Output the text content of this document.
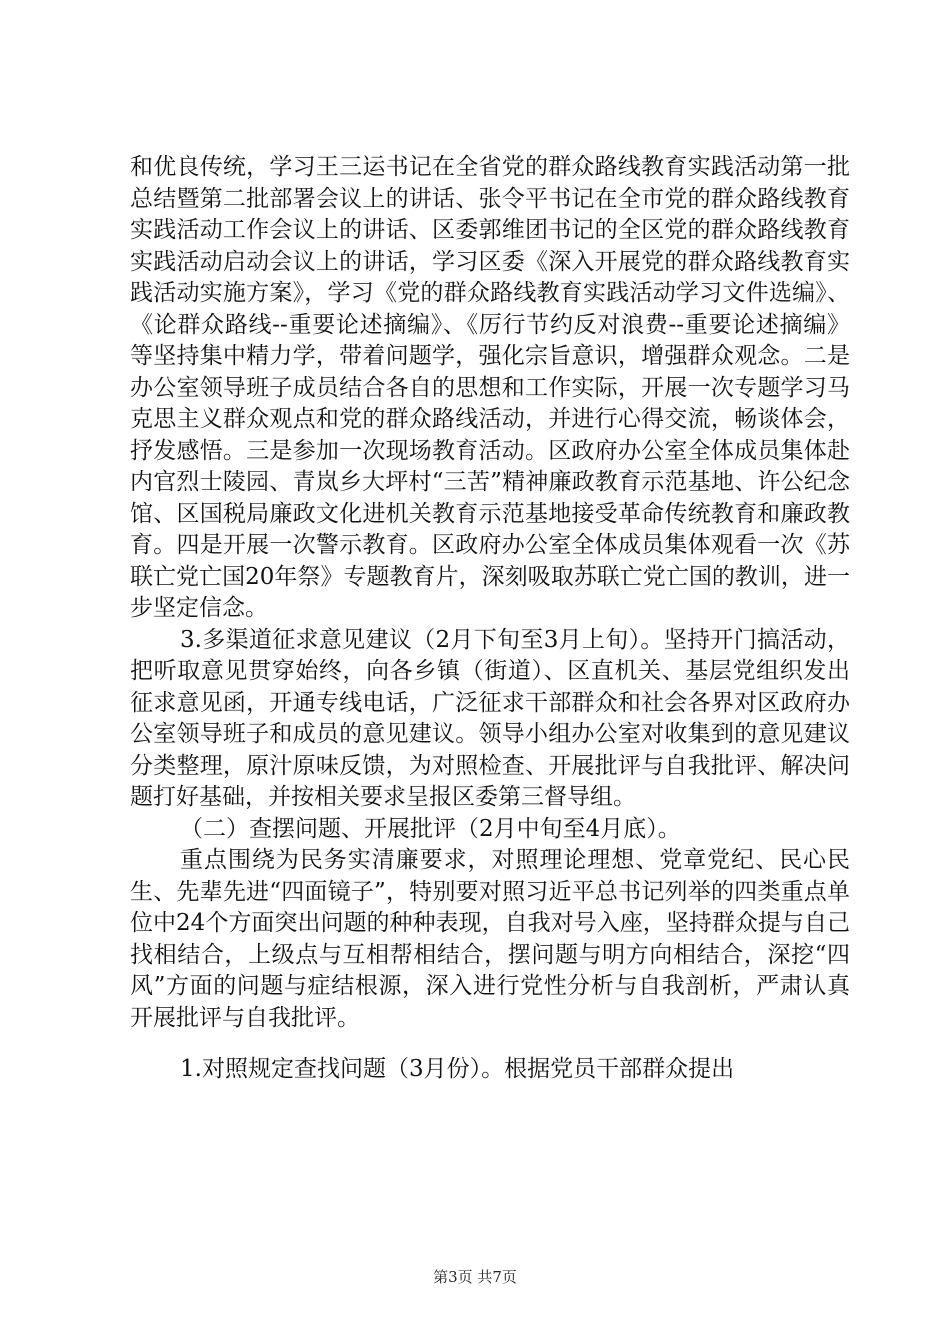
和优良传统，学习王三运书记在全省党的群众路线教育实践活动第一批总结暨第二批部署会议上的讲话、张令平书记在全市党的群众路线教育实践活动工作会议上的讲话、区委郭维团书记的全区党的群众路线教育实践活动启动会议上的讲话，学习区委《深入开展党的群众路线教育实践活动实施方案》，学习《党的群众路线教育实践活动学习文件选编》、《论群众路线--重要论述摘编》、《厉行节约反对浪费--重要论述摘编》等坚持集中精力学，带着问题学，强化宗旨意识，增强群众观念。二是办公室领导班子成员结合各自的思想和工作实际，开展一次专题学习马克思主义群众观点和党的群众路线活动，并进行心得交流，畅谈体会，抒发感悟。三是参加一次现场教育活动。区政府办公室全体成员集体赴内官烈士陵园、青岚乡大坪村“三苦”精神廉政教育示范基地、许公纪念馆、区国税局廉政文化进机关教育示范基地接受革命传统教育和廉政教育。四是开展一次警示教育。区政府办公室全体成员集体观看一次《苏联亡党亡国20年祭》专题教育片，深刻吸取苏联亡党亡国的教训，进一步坚定信念。

3.多渠道征求意见建议（2月下旬至3月上旬）。坚持开门搞活动，把听取意见贯穿始终，向各乡镇（街道）、区直机关、基层党组织发出征求意见函，开通专线电话，广泛征求干部群众和社会各界对区政府办公室领导班子和成员的意见建议。领导小组办公室对收集到的意见建议分类整理，原汁原味反馈，为对照检查、开展批评与自我批评、解决问题打好基础，并按相关要求呈报区委第三督导组。

（二）查摆问题、开展批评（2月中旬至4月底）。

重点围绕为民务实清廉要求，对照理论理想、党章党纪、民心民生、先辈先进“四面镜子”，特别要对照习近平总书记列举的四类重点单位中24个方面突出问题的种种表现，自我对号入座，坚持群众提与自己找相结合，上级点与互相帮相结合，摆问题与明方向相结合，深挖“四风”方面的问题与症结根源，深入进行党性分析与自我剖析，严肃认真开展批评与自我批评。

1.对照规定查找问题（3月份）。根据党员干部群众提出

第3页 共7页
